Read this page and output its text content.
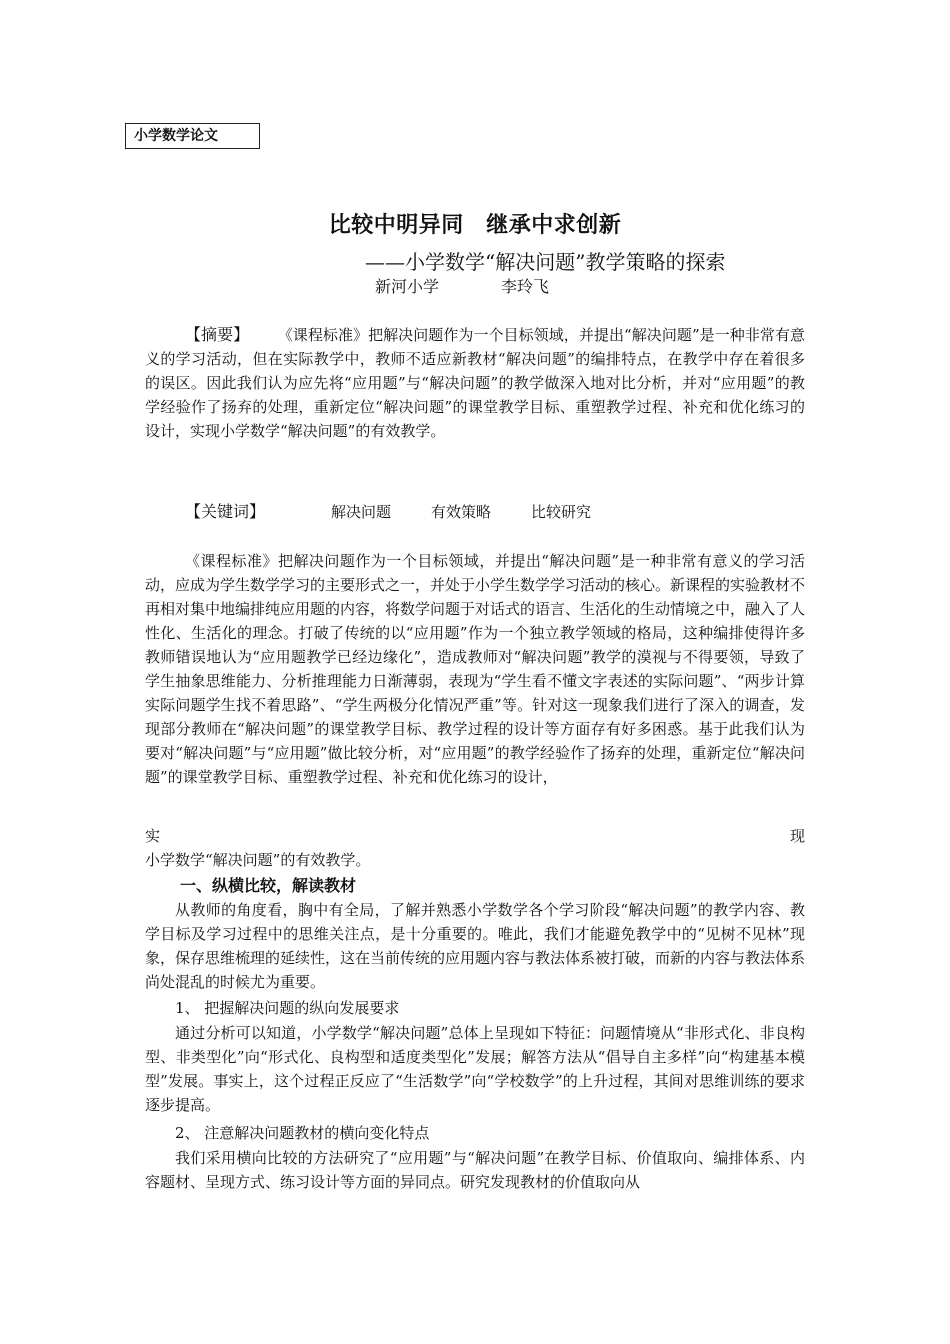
小学数学论文
比较中明异同　继承中求创新
——小学数学“解决问题”教学策略的探索
新河小学	李玲飞

【摘要】 《课程标准》把解决问题作为一个目标领域，并提出“解决问题”是一种非常有意义的学习活动，但在实际教学中，教师不适应新教材“解决问题”的编排特点，在教学中存在着很多的误区。因此我们认为应先将“应用题”与“解决问题”的教学做深入地对比分析，并对“应用题”的教学经验作了扬弃的处理，重新定位“解决问题”的课堂教学目标、重塑教学过程、补充和优化练习的设计，实现小学数学“解决问题”的有效教学。

【关键词】	解决问题	有效策略	比较研究

《课程标准》把解决问题作为一个目标领域，并提出“解决问题”是一种非常有意义的学习活动，应成为学生数学学习的主要形式之一，并处于小学生数学学习活动的核心。新课程的实验教材不再相对集中地编排纯应用题的内容，将数学问题于对话式的语言、生活化的生动情境之中，融入了人性化、生活化的理念。打破了传统的以“应用题”作为一个独立教学领域的格局，这种编排使得许多教师错误地认为“应用题教学已经边缘化”，造成教师对“解决问题”教学的漠视与不得要领，导致了学生抽象思维能力、分析推理能力日渐薄弱，表现为“学生看不懂文字表述的实际问题”、“两步计算实际问题学生找不着思路”、“学生两极分化情况严重”等。针对这一现象我们进行了深入的调查，发现部分教师在“解决问题”的课堂教学目标、教学过程的设计等方面存有好多困惑。基于此我们认为要对“解决问题”与“应用题”做比较分析，对“应用题”的教学经验作了扬弃的处理，重新定位“解决问题”的课堂教学目标、重塑教学过程、补充和优化练习的设计，

实	现

小学数学“解决问题”的有效教学。

一、纵横比较，解读教材

从教师的角度看，胸中有全局，了解并熟悉小学数学各个学习阶段“解决问题”的教学内容、教学目标及学习过程中的思维关注点，是十分重要的。唯此，我们才能避免教学中的“见树不见林”现象，保存思维梳理的延续性，这在当前传统的应用题内容与教法体系被打破，而新的内容与教法体系尚处混乱的时候尤为重要。

1、 把握解决问题的纵向发展要求

通过分析可以知道，小学数学“解决问题”总体上呈现如下特征：问题情境从“非形式化、非良构型、非类型化”向“形式化、良构型和适度类型化”发展；解答方法从“倡导自主多样”向“构建基本模型”发展。事实上，这个过程正反应了“生活数学”向“学校数学”的上升过程，其间对思维训练的要求逐步提高。

2、 注意解决问题教材的横向变化特点

我们采用横向比较的方法研究了“应用题”与“解决问题”在教学目标、价值取向、编排体系、内容题材、呈现方式、练习设计等方面的异同点。研究发现教材的价值取向从
